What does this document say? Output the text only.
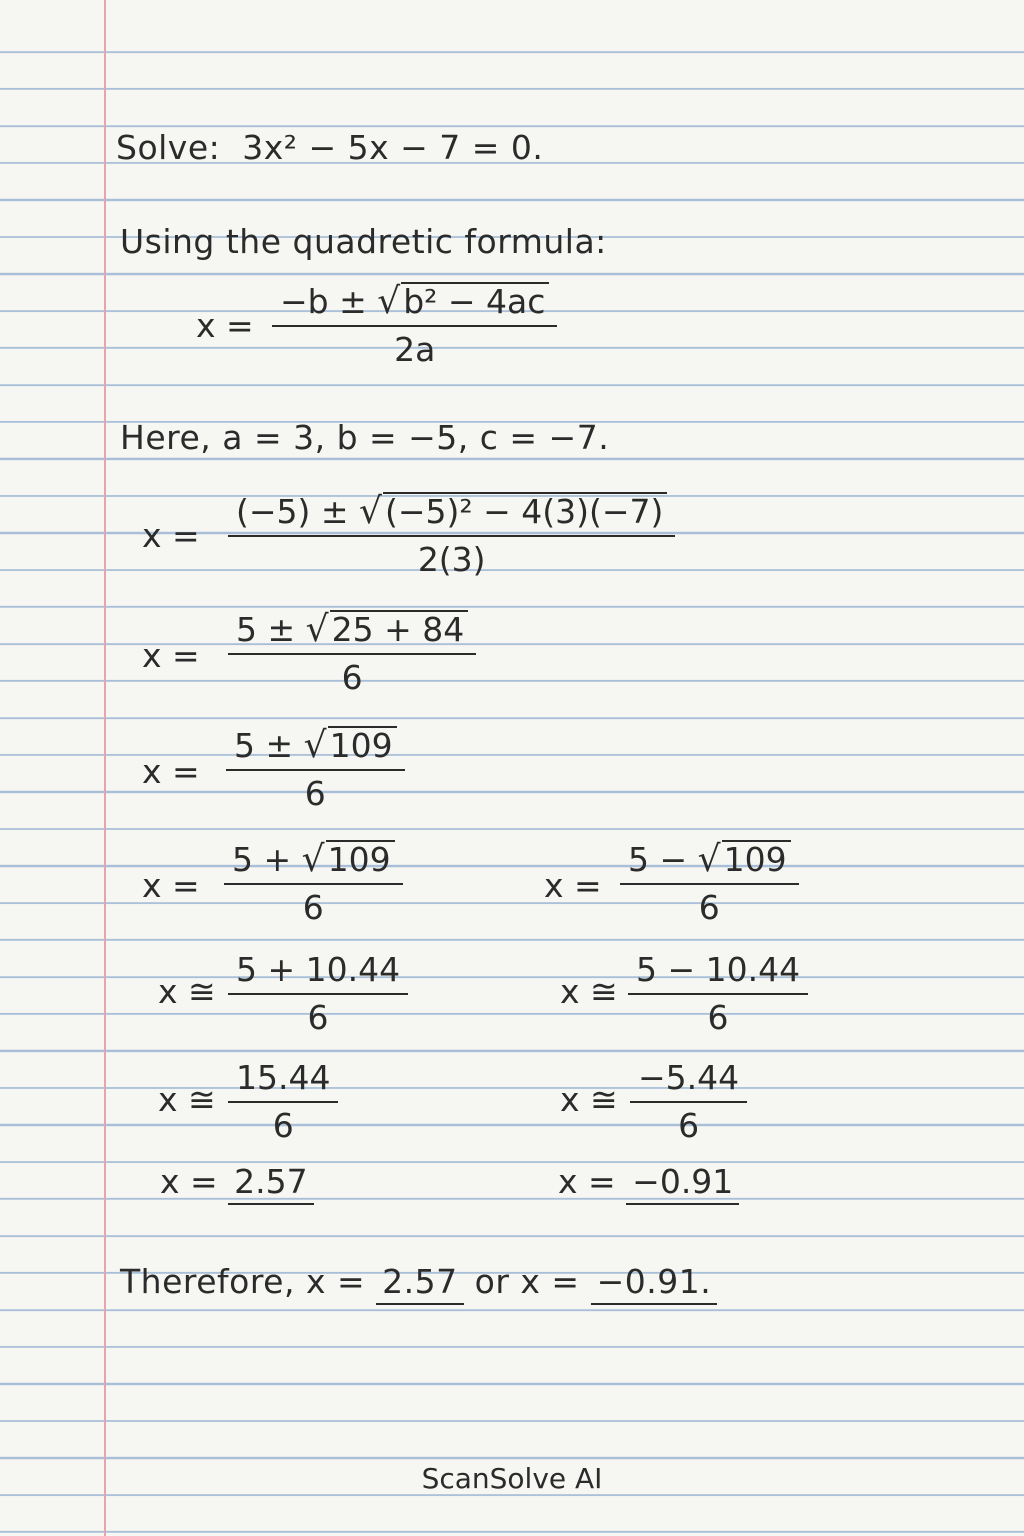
Solve: 3x² − 5x − 7 = 0.
Using the quadretic formula:
x =
−b ± √b² − 4ac
2a
Here, a = 3, b = −5, c = −7.
x =
(−5) ± √(−5)² − 4(3)(−7)
2(3)
x =
5 ± √25 + 84
6
x =
5 ± √109
6
x =
5 + √109
6
x =
5 − √109
6
x ≅
5 + 10.44
6
x ≅
5 − 10.44
6
x ≅
15.44
6
x ≅
−5.44
6
x = 2.57	x = −0.91
Therefore, x = 2.57 or x = −0.91.
ScanSolve AI
